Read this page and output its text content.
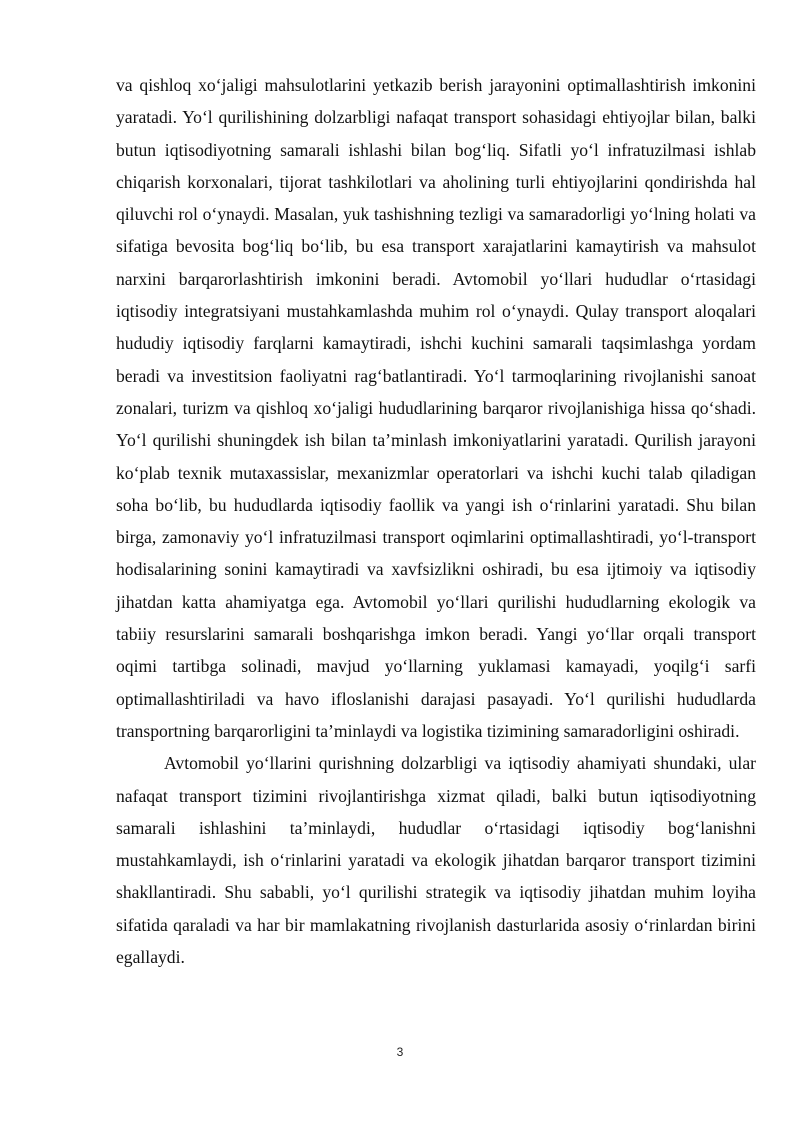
va qishloq xo‘jaligi mahsulotlarini yetkazib berish jarayonini optimallashtirish imkonini yaratadi. Yo‘l qurilishining dolzarbligi nafaqat transport sohasidagi ehtiyojlar bilan, balki butun iqtisodiyotning samarali ishlashi bilan bog‘liq. Sifatli yo‘l infratuzilmasi ishlab chiqarish korxonalari, tijorat tashkilotlari va aholining turli ehtiyojlarini qondirishda hal qiluvchi rol o‘ynaydi. Masalan, yuk tashishning tezligi va samaradorligi yo‘lning holati va sifatiga bevosita bog‘liq bo‘lib, bu esa transport xarajatlarini kamaytirish va mahsulot narxini barqarorlashtirish imkonini beradi. Avtomobil yo‘llari hududlar o‘rtasidagi iqtisodiy integratsiyani mustahkamlashda muhim rol o‘ynaydi. Qulay transport aloqalari hududiy iqtisodiy farqlarni kamaytiradi, ishchi kuchini samarali taqsimlashga yordam beradi va investitsion faoliyatni rag‘batlantiradi. Yo‘l tarmoqlarining rivojlanishi sanoat zonalari, turizm va qishloq xo‘jaligi hududlarining barqaror rivojlanishiga hissa qo‘shadi. Yo‘l qurilishi shuningdek ish bilan ta’minlash imkoniyatlarini yaratadi. Qurilish jarayoni ko‘plab texnik mutaxassislar, mexanizmlar operatorlari va ishchi kuchi talab qiladigan soha bo‘lib, bu hududlarda iqtisodiy faollik va yangi ish o‘rinlarini yaratadi. Shu bilan birga, zamonaviy yo‘l infratuzilmasi transport oqimlarini optimallashtiradi, yo‘l-transport hodisalarining sonini kamaytiradi va xavfsizlikni oshiradi, bu esa ijtimoiy va iqtisodiy jihatdan katta ahamiyatga ega. Avtomobil yo‘llari qurilishi hududlarning ekologik va tabiiy resurslarini samarali boshqarishga imkon beradi. Yangi yo‘llar orqali transport oqimi tartibga solinadi, mavjud yo‘llarning yuklamasi kamayadi, yoqilg‘i sarfi optimallashtiriladi va havo ifloslanishi darajasi pasayadi. Yo‘l qurilishi hududlarda transportning barqarorligini ta’minlaydi va logistika tizimining samaradorligini oshiradi.

Avtomobil yo‘llarini qurishning dolzarbligi va iqtisodiy ahamiyati shundaki, ular nafaqat transport tizimini rivojlantirishga xizmat qiladi, balki butun iqtisodiyotning samarali ishlashini ta’minlaydi, hududlar o‘rtasidagi iqtisodiy bog‘lanishni mustahkamlaydi, ish o‘rinlarini yaratadi va ekologik jihatdan barqaror transport tizimini shakllantiradi. Shu sababli, yo‘l qurilishi strategik va iqtisodiy jihatdan muhim loyiha sifatida qaraladi va har bir mamlakatning rivojlanish dasturlarida asosiy o‘rinlardan birini egallaydi.

3
